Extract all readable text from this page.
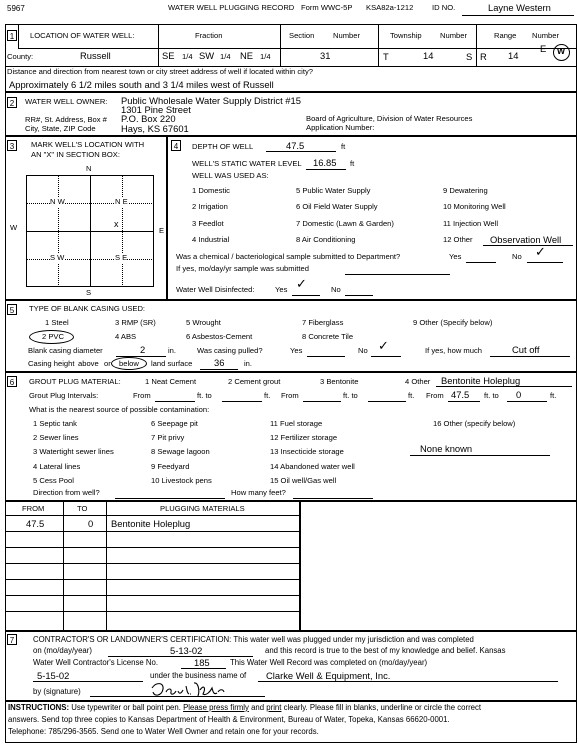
5967	WATER WELL PLUGGING RECORD Form WWC-5P KSA82a-1212 ID NO.	Layne Western
1	LOCATION OF WATER WELL:	Fraction	Section Number	Township Number	Range Number
County:	Russell	SE 1/4 SW 1/4 NE 1/4	31	T	14	S R 14
E W
Distance and direction from nearest town or city street address of well if located within city?
Approximately 6 1/2 miles south and 3 1/4 miles west of Russell
2	WATER WELL OWNER: Public Wholesale Water Supply District #15
1301 Pine Street
RR#, St. Address, Box # P.O. Box 220
City, State, ZIP Code	Hays, KS 67601
Board of Agriculture, Division of Water Resources
Application Number:
3	MARK WELL'S LOCATION WITH
AN "X" IN SECTION BOX:
N
S
W	E
N W	N E
S W	S E
x
4	DEPTH OF WELL	47.5	ft
WELL'S STATIC WATER LEVEL 16.85 ft
WELL WAS USED AS:
1 Domestic	5 Public Water Supply	9 Dewatering
2 Irrigation	6 Oil Field Water Supply	10 Monitoring Well
3 Feedlot	7 Domestic (Lawn & Garden)	11 Injection Well
4 Industrial	8 Air Conditioning	12 Other Observation Well
Was a chemical / bacteriological sample submitted to Department?	Yes	No ✓
If yes, mo/day/yr sample was submitted
Water Well Disinfected:	Yes ✓	No
5	TYPE OF BLANK CASING USED:
1 Steel	3 RMP (SR)	5 Wrought	7 Fiberglass	9 Other (Specify below)
2 PVC	4 ABS	6 Asbestos-Cement	8 Concrete Tile
Blank casing diameter	2	in.	Was casing pulled?	Yes	No ✓	If yes, how much	Cut off
Casing height above or below land surface 36	in.
6	GROUT PLUG MATERIAL:	1 Neat Cement	2 Cement grout	3 Bentonite	4 Other Bentonite Holeplug
Grout Plug Intervals:	From	ft. to	ft. From	ft. to	ft. From 47.5 ft. to 0	ft.
What is the nearest source of possible contamination:
1 Septic tank	6 Seepage pit	11 Fuel storage	16 Other (specify below)
2 Sewer lines	7 Pit privy	12 Fertilizer storage
3 Watertight sewer lines	8 Sewage lagoon	13 Insecticide storage	None known
4 Lateral lines	9 Feedyard	14 Abandoned water well
5 Cess Pool	10 Livestock pens	15 Oil well/Gas well
Direction from well?	How many feet?
FROM	TO	PLUGGING MATERIALS
47.5	0 Bentonite Holeplug
7	CONTRACTOR'S OR LANDOWNER'S CERTIFICATION: This water well was plugged under my jurisdiction and was completed
on (mo/day/year)	5-13-02	and this record is true to the best of my knowledge and belief. Kansas
Water Well Contractor's License No.	185	This Water Well Record was completed on (mo/day/year)
5-15-02	under the business name of Clarke Well & Equipment, Inc.
by (signature)
INSTRUCTIONS: Use typewriter or ball point pen. Please press firmly and print clearly. Please fill in blanks, underline or circle the correct
answers. Send top three copies to Kansas Department of Health & Environment, Bureau of Water, Topeka, Kansas 66620-0001.
Telephone: 785/296-3565. Send one to Water Well Owner and retain one for your records.
